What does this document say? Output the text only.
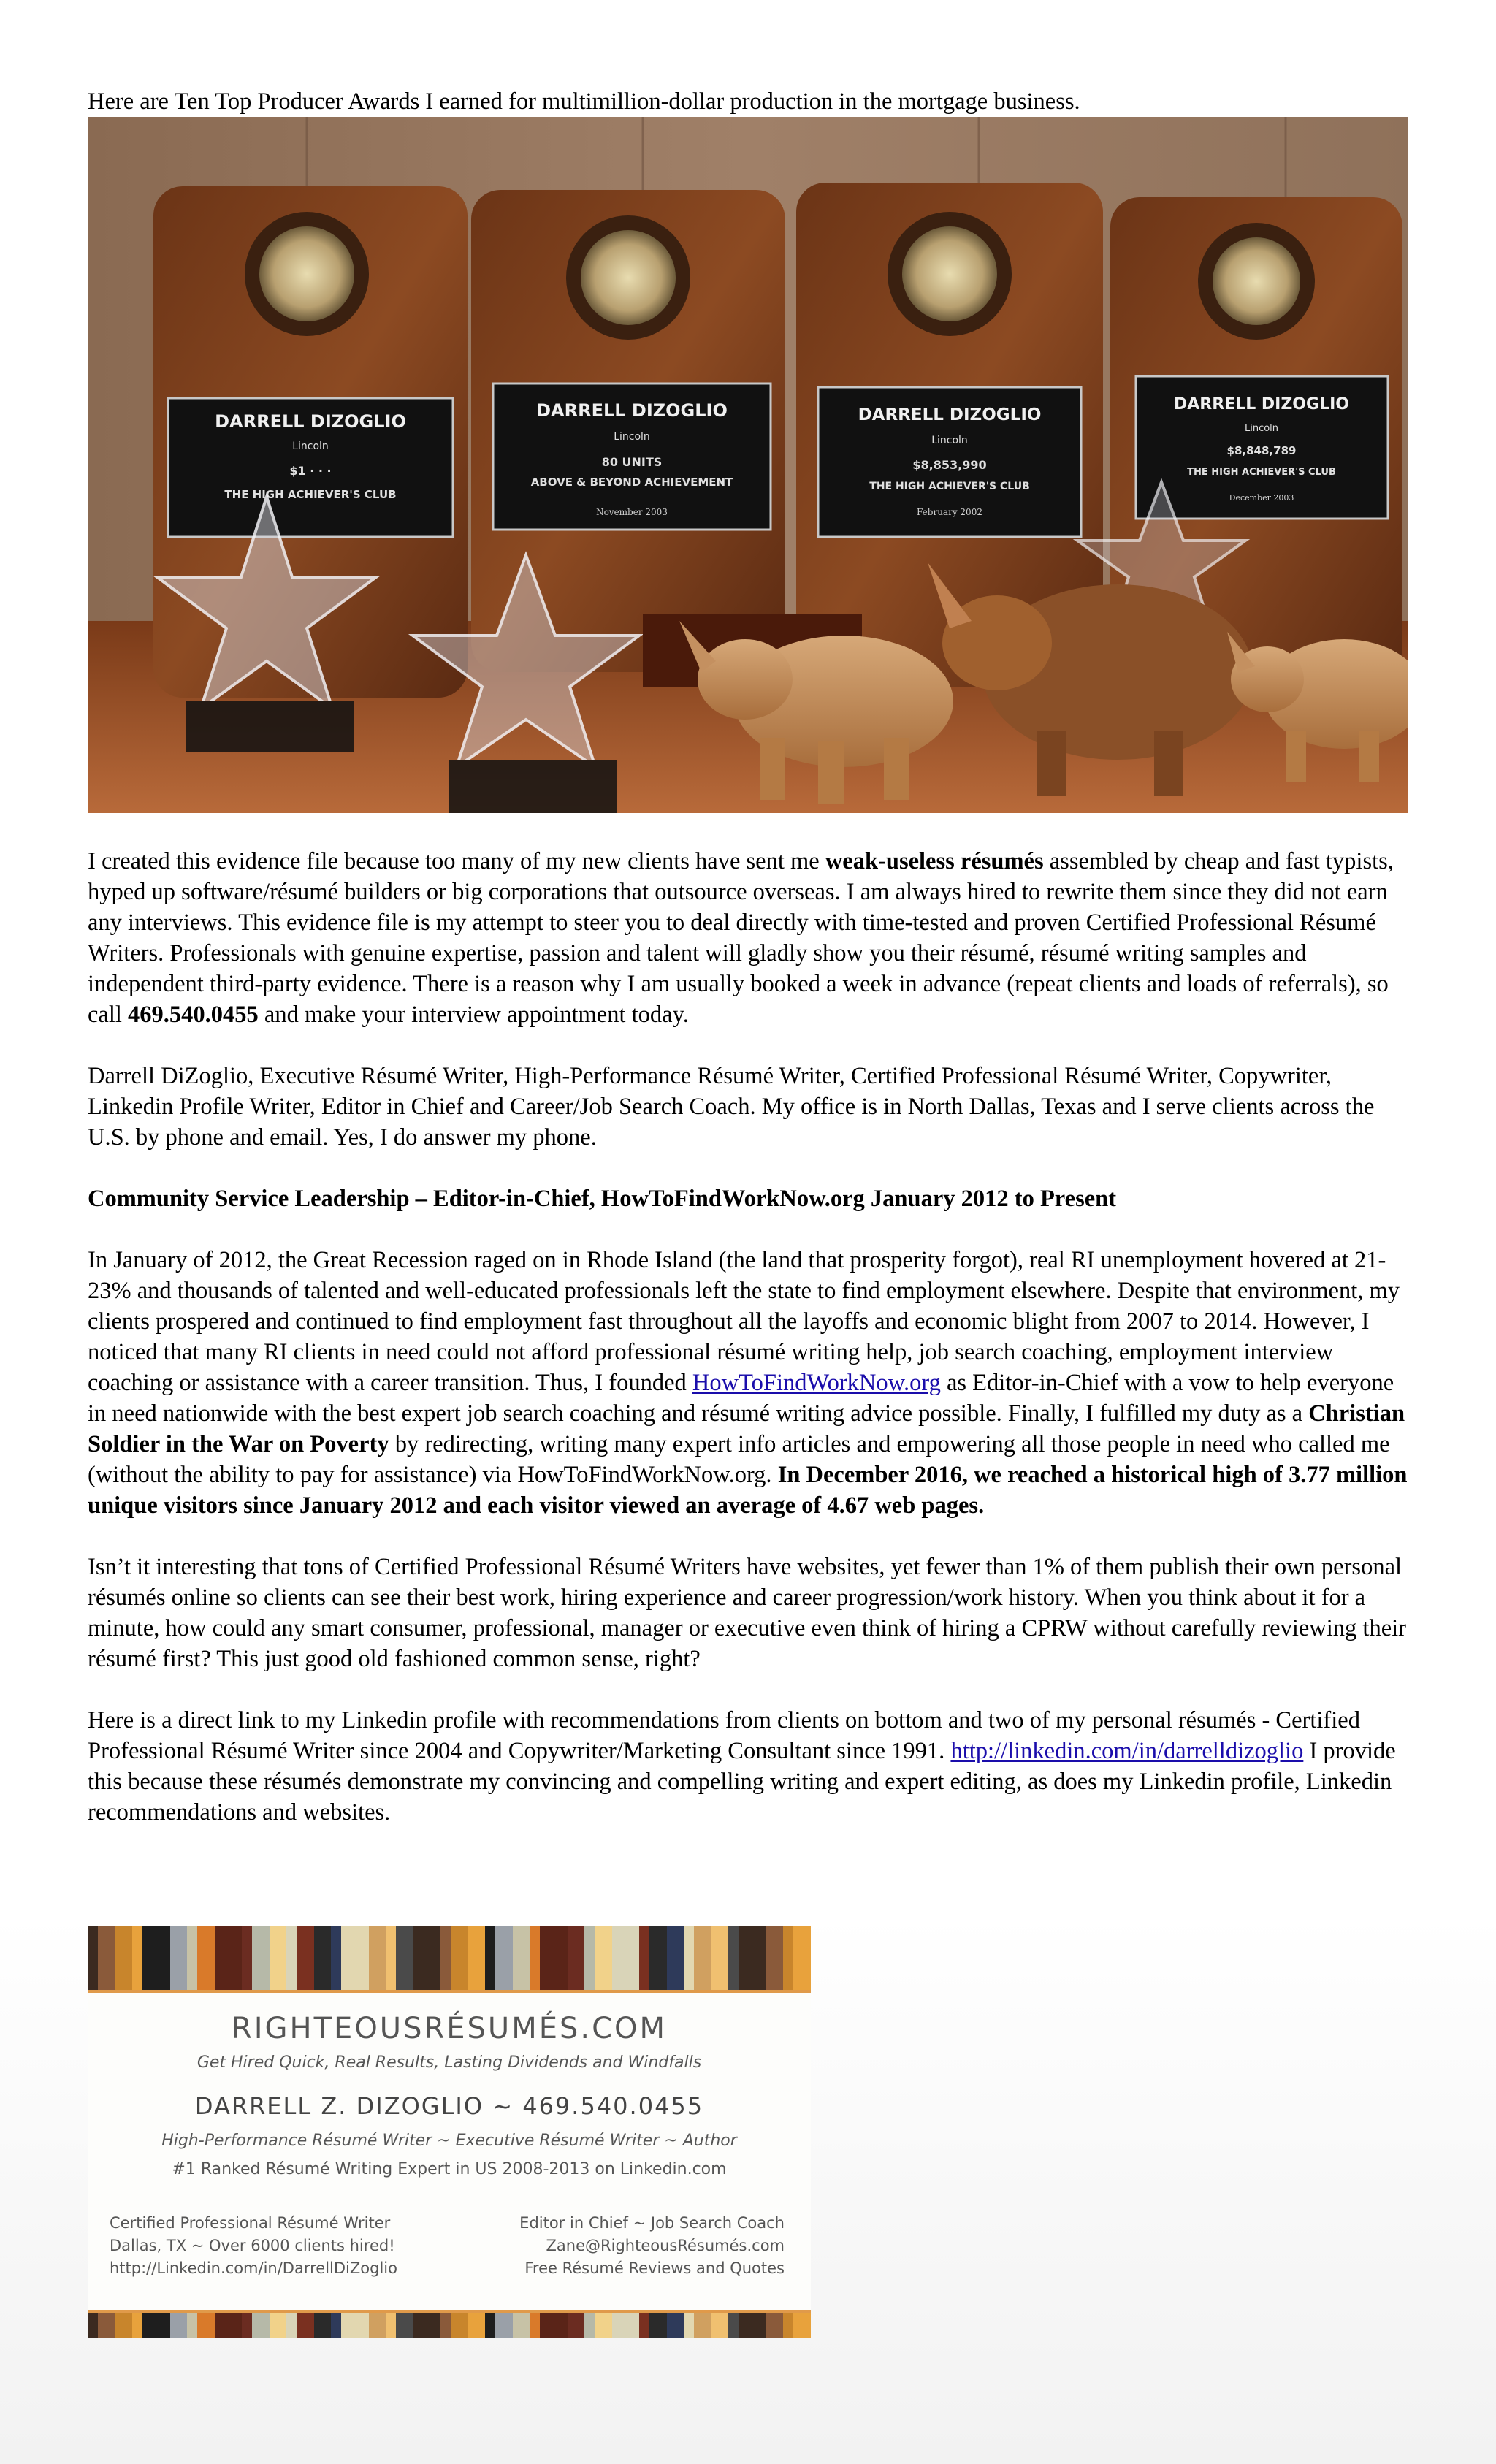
Here are Ten Top Producer Awards I earned for multimillion-dollar production in the mortgage business.

DARRELL DIZOGLIO
Lincoln
$1 · · ·
THE HIGH ACHIEVER'S CLUB
DARRELL DIZOGLIO
Lincoln
80 UNITS
ABOVE & BEYOND ACHIEVEMENT
November 2003
DARRELL DIZOGLIO
Lincoln
$8,853,990
THE HIGH ACHIEVER'S CLUB
February 2002
DARRELL DIZOGLIO
Lincoln
$8,848,789
THE HIGH ACHIEVER'S CLUB
December 2003

I created this evidence file because too many of my new clients have sent me weak-useless résumés assembled by cheap and fast typists, hyped up software/résumé builders or big corporations that outsource overseas. I am always hired to rewrite them since they did not earn any interviews. This evidence file is my attempt to steer you to deal directly with time-tested and proven Certified Professional Résumé Writers. Professionals with genuine expertise, passion and talent will gladly show you their résumé, résumé writing samples and independent third-party evidence. There is a reason why I am usually booked a week in advance (repeat clients and loads of referrals), so call 469.540.0455 and make your interview appointment today.

Darrell DiZoglio, Executive Résumé Writer, High-Performance Résumé Writer, Certified Professional Résumé Writer, Copywriter, Linkedin Profile Writer, Editor in Chief and Career/Job Search Coach. My office is in North Dallas, Texas and I serve clients across the U.S. by phone and email. Yes, I do answer my phone.

Community Service Leadership – Editor-in-Chief, HowToFindWorkNow.org January 2012 to Present

In January of 2012, the Great Recession raged on in Rhode Island (the land that prosperity forgot), real RI unemployment hovered at 21-23% and thousands of talented and well-educated professionals left the state to find employment elsewhere. Despite that environment, my clients prospered and continued to find employment fast throughout all the layoffs and economic blight from 2007 to 2014. However, I noticed that many RI clients in need could not afford professional résumé writing help, job search coaching, employment interview coaching or assistance with a career transition. Thus, I founded HowToFindWorkNow.org as Editor-in-Chief with a vow to help everyone in need nationwide with the best expert job search coaching and résumé writing advice possible. Finally, I fulfilled my duty as a Christian Soldier in the War on Poverty by redirecting, writing many expert info articles and empowering all those people in need who called me (without the ability to pay for assistance) via HowToFindWorkNow.org. In December 2016, we reached a historical high of 3.77 million unique visitors since January 2012 and each visitor viewed an average of 4.67 web pages.

Isn’t it interesting that tons of Certified Professional Résumé Writers have websites, yet fewer than 1% of them publish their own personal résumés online so clients can see their best work, hiring experience and career progression/work history. When you think about it for a minute, how could any smart consumer, professional, manager or executive even think of hiring a CPRW without carefully reviewing their résumé first? This just good old fashioned common sense, right?

Here is a direct link to my Linkedin profile with recommendations from clients on bottom and two of my personal résumés - Certified Professional Résumé Writer since 2004 and Copywriter/Marketing Consultant since 1991. http://linkedin.com/in/darrelldizoglio I provide this because these résumés demonstrate my convincing and compelling writing and expert editing, as does my Linkedin profile, Linkedin recommendations and websites.

RIGHTEOUSRÉSUMÉS.COM
Get Hired Quick, Real Results, Lasting Dividends and Windfalls
DARRELL Z. DIZOGLIO ~ 469.540.0455
High-Performance Résumé Writer ~ Executive Résumé Writer ~ Author
#1 Ranked Résumé Writing Expert in US 2008-2013 on Linkedin.com
Certified Professional Résumé Writer
Dallas, TX ~ Over 6000 clients hired!
http://Linkedin.com/in/DarrellDiZoglio
Editor in Chief ~ Job Search Coach
Zane@RighteousRésumés.com
Free Résumé Reviews and Quotes
